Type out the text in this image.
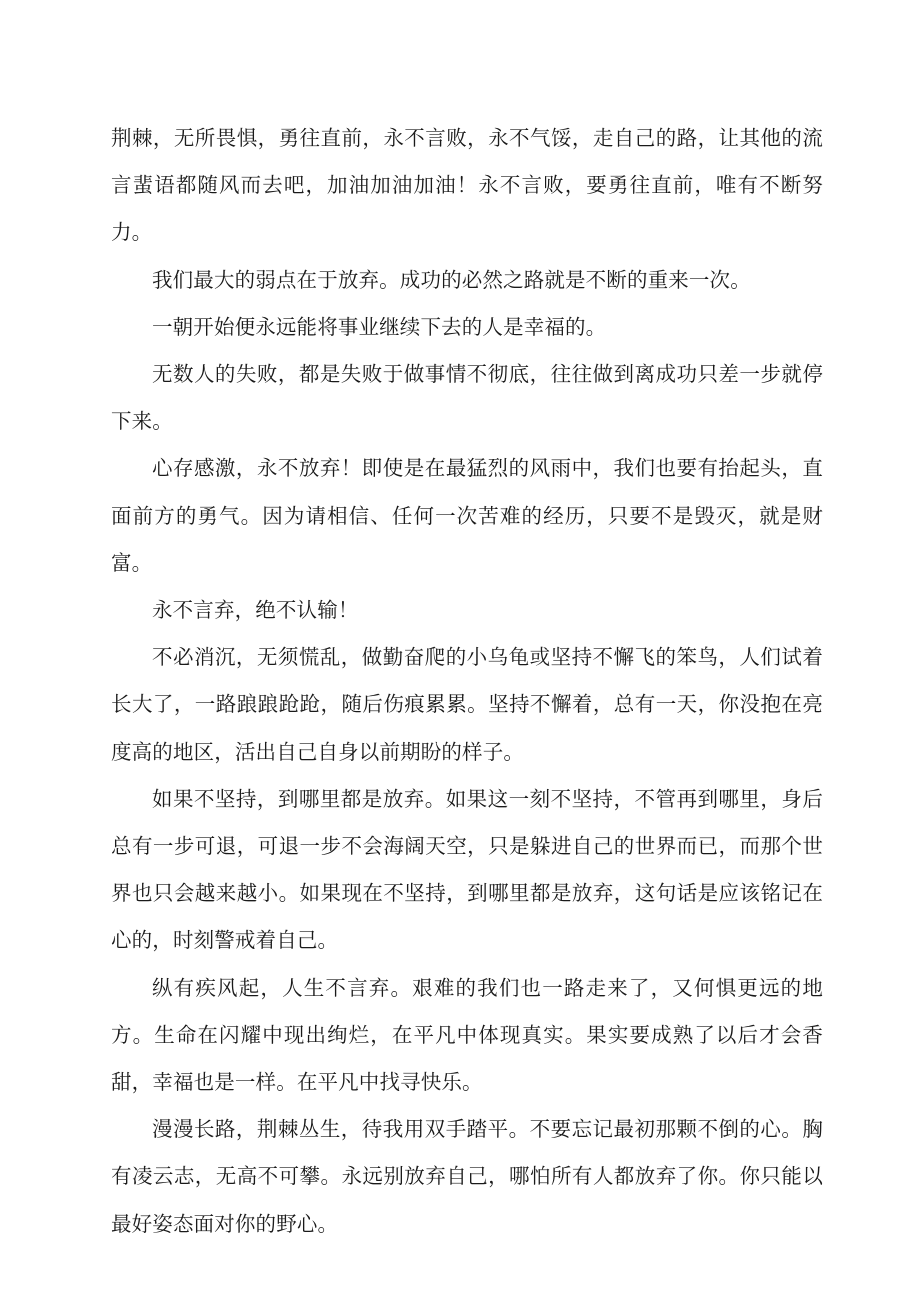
荆棘，无所畏惧，勇往直前，永不言败，永不气馁，走自己的路，让其他的流言蜚语都随风而去吧，加油加油加油！永不言败，要勇往直前，唯有不断努力。

我们最大的弱点在于放弃。成功的必然之路就是不断的重来一次。

一朝开始便永远能将事业继续下去的人是幸福的。

无数人的失败，都是失败于做事情不彻底，往往做到离成功只差一步就停下来。

心存感激，永不放弃！即使是在最猛烈的风雨中，我们也要有抬起头，直面前方的勇气。因为请相信、任何一次苦难的经历，只要不是毁灭，就是财富。

永不言弃，绝不认输！

不必消沉，无须慌乱，做勤奋爬的小乌龟或坚持不懈飞的笨鸟，人们试着长大了，一路踉踉跄跄，随后伤痕累累。坚持不懈着，总有一天，你没抱在亮度高的地区，活出自己自身以前期盼的样子。

如果不坚持，到哪里都是放弃。如果这一刻不坚持，不管再到哪里，身后总有一步可退，可退一步不会海阔天空，只是躲进自己的世界而已，而那个世界也只会越来越小。如果现在不坚持，到哪里都是放弃，这句话是应该铭记在心的，时刻警戒着自己。

纵有疾风起，人生不言弃。艰难的我们也一路走来了，又何惧更远的地方。生命在闪耀中现出绚烂，在平凡中体现真实。果实要成熟了以后才会香甜，幸福也是一样。在平凡中找寻快乐。

漫漫长路，荆棘丛生，待我用双手踏平。不要忘记最初那颗不倒的心。胸有凌云志，无高不可攀。永远别放弃自己，哪怕所有人都放弃了你。你只能以最好姿态面对你的野心。
